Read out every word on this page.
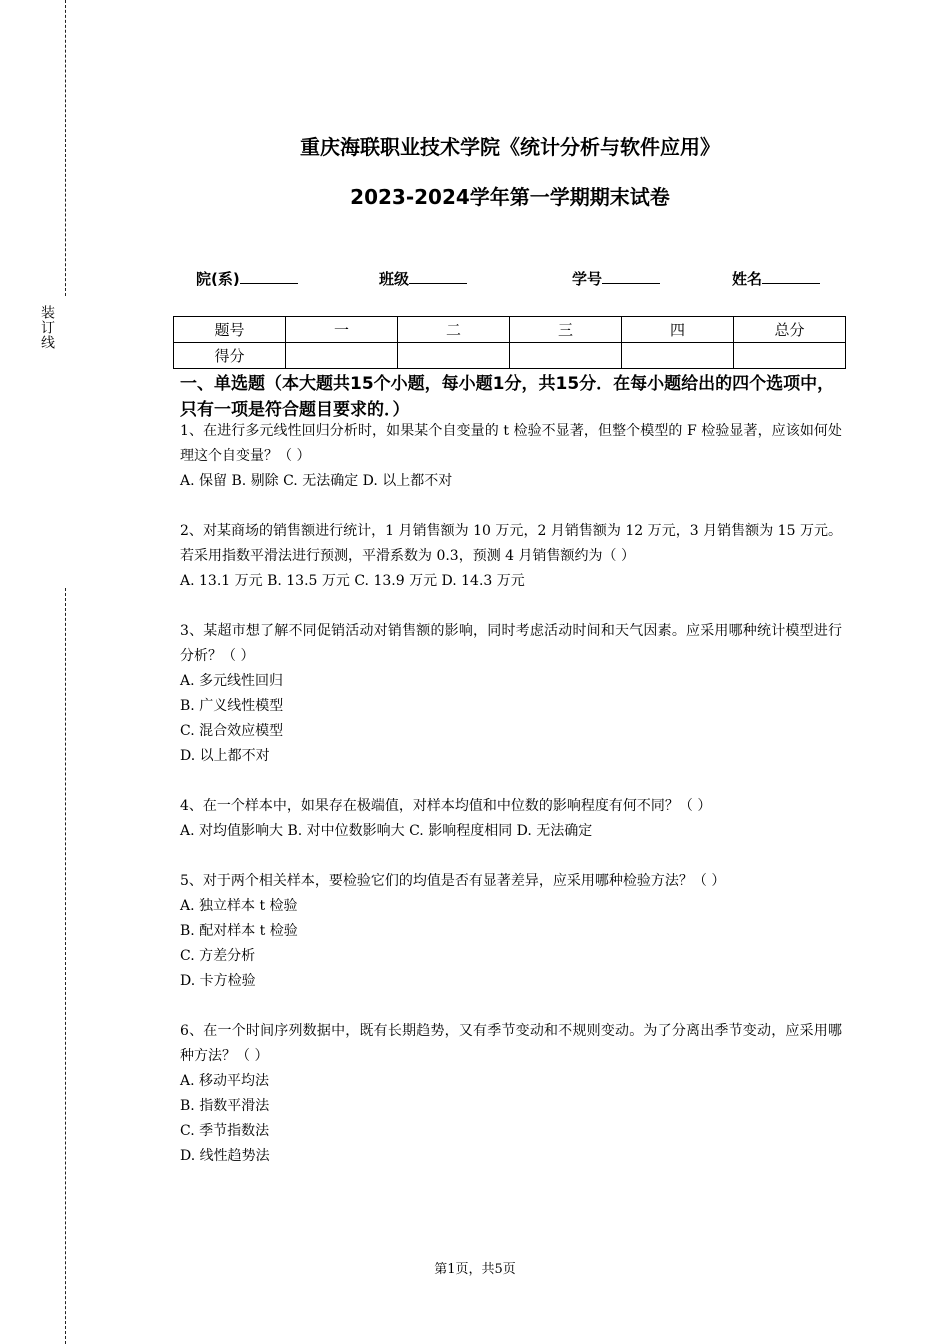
装订线
重庆海联职业技术学院《统计分析与软件应用》
2023-2024学年第一学期期末试卷
院(系)	班级	学号	姓名
题号	一	二	三	四	总分
得分					
一、单选题（本大题共15个小题，每小题1分，共15分．在每小题给出的四个选项中，只有一项是符合题目要求的．）

1、在进行多元线性回归分析时，如果某个自变量的 t 检验不显著，但整个模型的 F 检验显著，应该如何处理这个自变量？（ ）

A. 保留 B. 剔除 C. 无法确定 D. 以上都不对

2、对某商场的销售额进行统计，1 月销售额为 10 万元，2 月销售额为 12 万元，3 月销售额为 15 万元。若采用指数平滑法进行预测，平滑系数为 0.3，预测 4 月销售额约为（ ）

A. 13.1 万元 B. 13.5 万元 C. 13.9 万元 D. 14.3 万元

3、某超市想了解不同促销活动对销售额的影响，同时考虑活动时间和天气因素。应采用哪种统计模型进行分析？（ ）

A. 多元线性回归
B. 广义线性模型
C. 混合效应模型
D. 以上都不对

4、在一个样本中，如果存在极端值，对样本均值和中位数的影响程度有何不同？（ ）

A. 对均值影响大 B. 对中位数影响大 C. 影响程度相同 D. 无法确定

5、对于两个相关样本，要检验它们的均值是否有显著差异，应采用哪种检验方法？（ ）

A. 独立样本 t 检验
B. 配对样本 t 检验
C. 方差分析
D. 卡方检验

6、在一个时间序列数据中，既有长期趋势，又有季节变动和不规则变动。为了分离出季节变动，应采用哪种方法？（ ）

A. 移动平均法
B. 指数平滑法
C. 季节指数法
D. 线性趋势法
第1页，共5页
